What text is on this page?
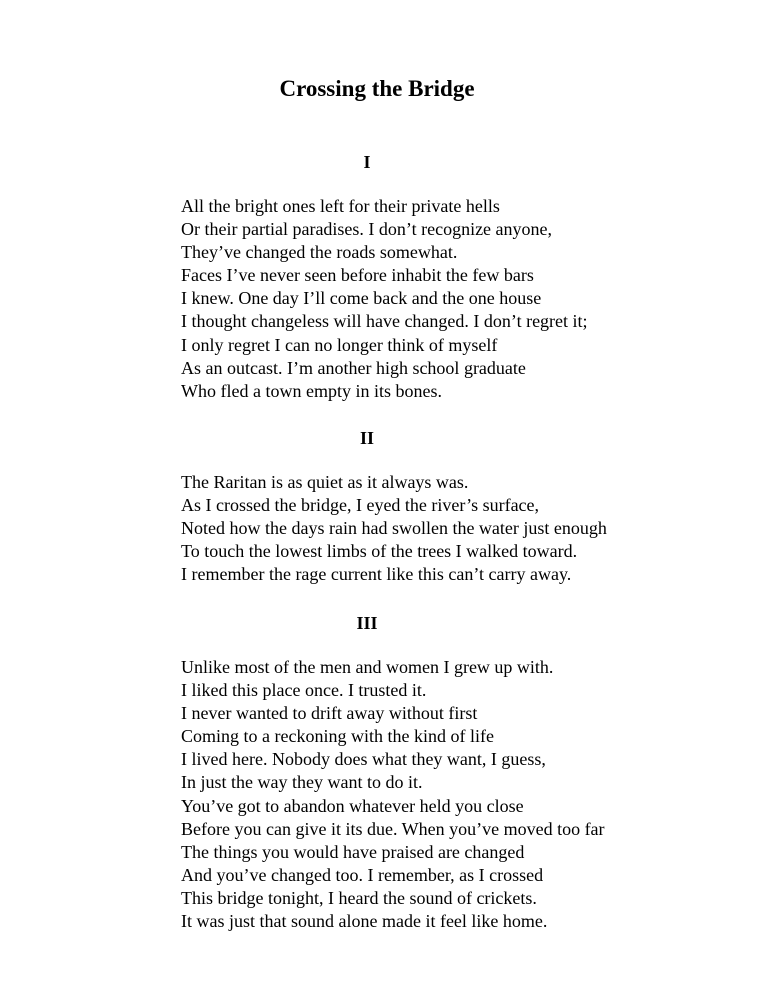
Crossing the Bridge
I
All the bright ones left for their private hells
Or their partial paradises. I don’t recognize anyone,
They’ve changed the roads somewhat.
Faces I’ve never seen before inhabit the few bars
I knew. One day I’ll come back and the one house
I thought changeless will have changed. I don’t regret it;
I only regret I can no longer think of myself
As an outcast. I’m another high school graduate
Who fled a town empty in its bones.
II
The Raritan is as quiet as it always was.
As I crossed the bridge, I eyed the river’s surface,
Noted how the days rain had swollen the water just enough
To touch the lowest limbs of the trees I walked toward.
I remember the rage current like this can’t carry away.
III
Unlike most of the men and women I grew up with.
I liked this place once. I trusted it.
I never wanted to drift away without first
Coming to a reckoning with the kind of life
I lived here. Nobody does what they want, I guess,
In just the way they want to do it.
You’ve got to abandon whatever held you close
Before you can give it its due. When you’ve moved too far
The things you would have praised are changed
And you’ve changed too. I remember, as I crossed
This bridge tonight, I heard the sound of crickets.
It was just that sound alone made it feel like home.
